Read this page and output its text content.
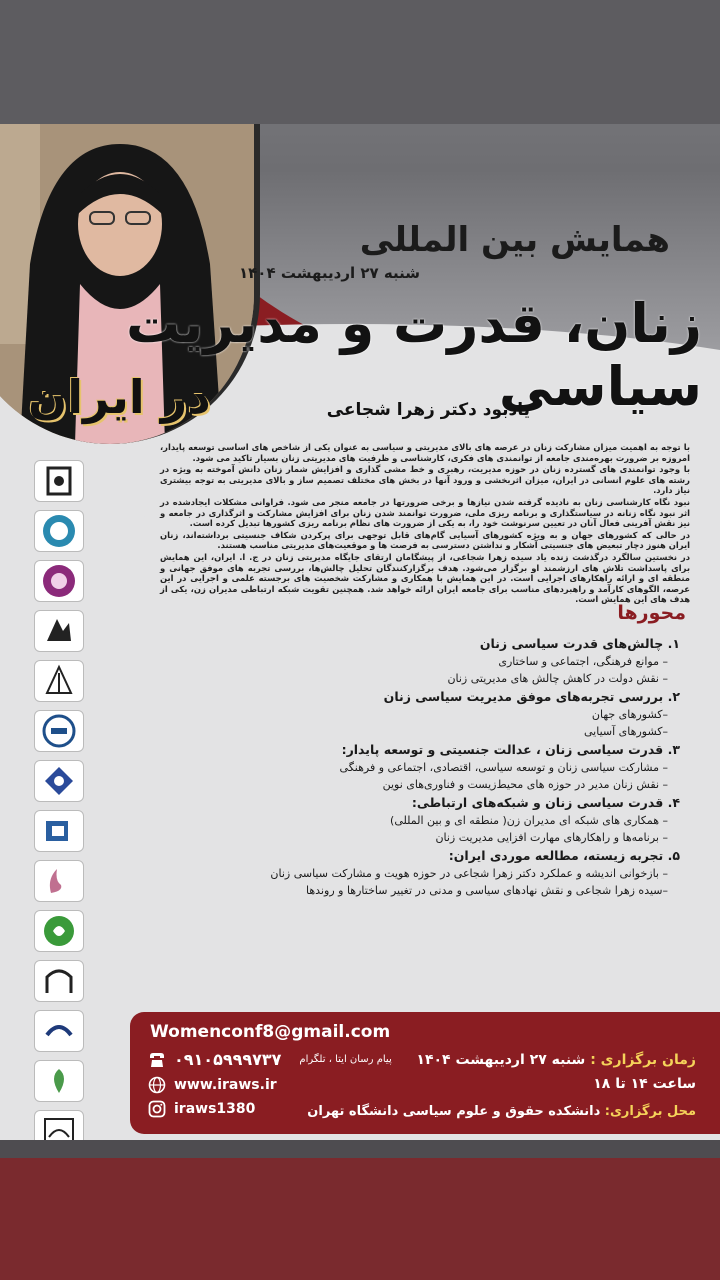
همایش بین المللی
شنبه ۲۷ اردیبهشت ۱۴۰۴
زنان، قدرت و مدیریت سیاسی
در ایران	یادبود دکتر زهرا شجاعی

با توجه به اهمیت میزان مشارکت زنان در عرصه های بالای مدیریتی و سیاسی به عنوان یکی از شاخص های اساسی توسعه پایدار، امروزه بر ضرورت بهره‌مندی جامعه از توانمندی های فکری، کارشناسی و ظرفیت های مدیریتی زنان بسیار تاکید می شود.

با وجود توانمندی های گسترده زنان در حوزه مدیریت، رهبری و خط مشی گذاری و افزایش شمار زنان دانش آموخته به ویژه در رشته های علوم انسانی در ایران، میزان اثربخشی و ورود آنها در بخش های مختلف تصمیم ساز و بالای مدیریتی به توجه بیشتری نیاز دارد.

نبود نگاه کارشناسی زنان به نادیده گرفته شدن نیازها و برخی ضرورتها در جامعه منجر می شود. فراوانی مشکلات ایجادشده در اثر نبود نگاه زنانه در سیاستگذاری و برنامه ریزی ملی، ضرورت توانمند شدن زنان برای افزایش مشارکت و اثرگذاری در جامعه و نیز نقش آفرینی فعال آنان در تعیین سرنوشت خود را، به یکی از ضرورت های نظام برنامه ریزی کشورها تبدیل کرده است.

در حالی که کشورهای جهان و به ویژه کشورهای آسیایی گام‌های قابل توجهی برای پرکردن شکاف جنسیتی برداشته‌اند، زنان ایران هنوز دچار تبعیض های جنسیتی آشکار و نداشتن دسترسی به فرصت ها و موقعیت‌های مدیریتی مناسب هستند.

در نخستین سالگرد درگذشت زنده یاد سیده زهرا شجاعی، از پیشگامان ارتقای جایگاه مدیریتی زنان در ج. ا. ایران، این همایش برای پاسداشت تلاش های ارزشمند او برگزار می‌شود. هدف برگزارکنندگان تحلیل چالش‌ها، بررسی تجربه های موفق جهانی و منطقه ای و ارائه راهکارهای اجرایی است. در این همایش با همکاری و مشارکت شخصیت های برجسته علمی و اجرایی در این عرصه، الگوهای کارآمد و راهبردهای مناسب برای جامعه ایران ارائه خواهد شد. همچنین تقویت شبکه ارتباطی مدیران زن، یکی از هدف های این همایش است.

محورها
۱. چالش‌های قدرت سیاسی زنان
– موانع فرهنگی، اجتماعی و ساختاری
– نقش دولت در کاهش چالش های مدیریتی زنان
۲. بررسی تجربه‌های موفق مدیریت سیاسی زنان
–کشورهای جهان
–کشورهای آسیایی
۳. قدرت سیاسی زنان ، عدالت جنسیتی و توسعه پایدار:
– مشارکت سیاسی زنان و توسعه سیاسی، اقتصادی، اجتماعی و فرهنگی
– نقش زنان مدیر در حوزه های محیط‌زیست و فناوری‌های نوین
۴. قدرت سیاسی زنان و شبکه‌های ارتباطی:
– همکاری های شبکه ای مدیران زن( منطقه ای و بین المللی)
– برنامه‌ها و راهکارهای مهارت افزایی مدیریت زنان
۵. تجربه زیسته، مطالعه موردی ایران:
– بازخوانی اندیشه و عملکرد دکتر زهرا شجاعی در حوزه هویت و مشارکت سیاسی زنان
–سیده زهرا شجاعی و نقش نهادهای سیاسی و مدنی در تغییر ساختارها و روندها
Womenconf8@gmail.com
۰۹۱۰۵۹۹۹۷۳۷ پیام رسان ایتا ، تلگرام
www.iraws.ir
iraws1380
زمان برگزاری : شنبه ۲۷ اردیبهشت ۱۴۰۴
ساعت ۱۴ تا ۱۸
محل برگزاری: دانشکده حقوق و علوم سیاسی دانشگاه تهران
